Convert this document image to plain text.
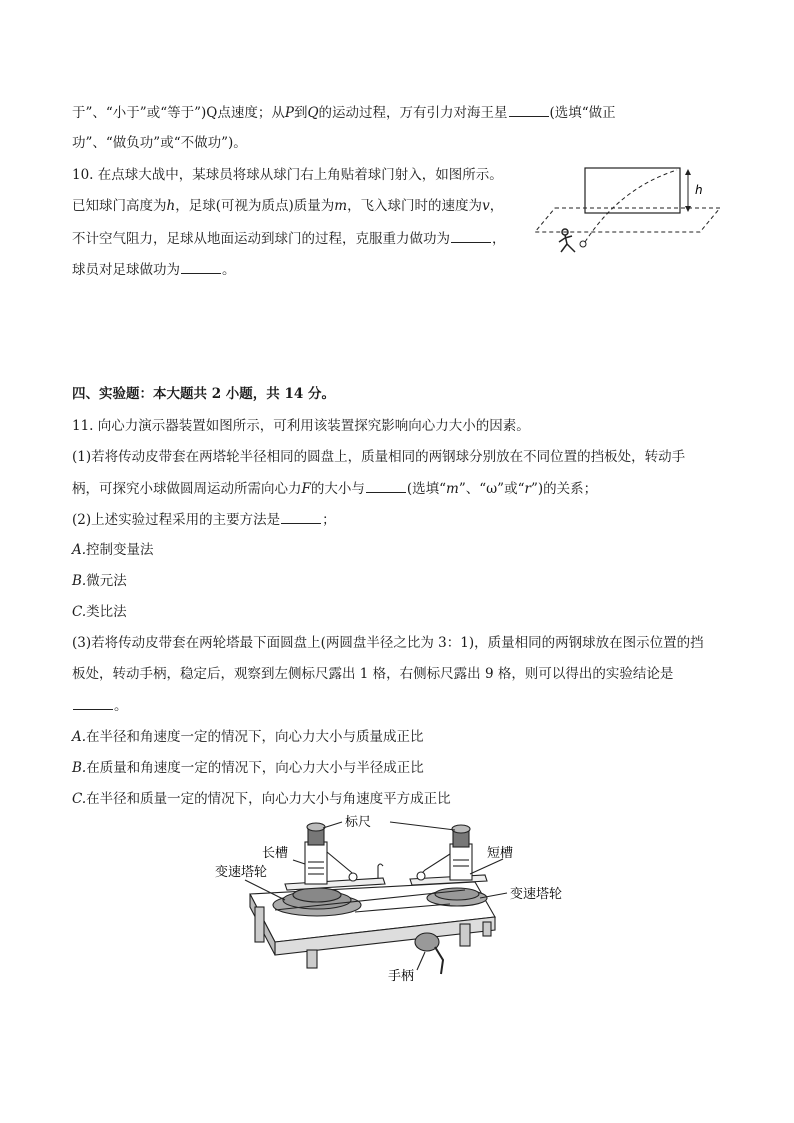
于”、“小于”或“等于”)Q点速度；从P到Q的运动过程，万有引力对海王星	(选填“做正
功”、“做负功”或“不做功”)。
10. 在点球大战中，某球员将球从球门右上角贴着球门射入，如图所示。
已知球门高度为h，足球(可视为质点)质量为m，飞入球门时的速度为v，
不计空气阻力，足球从地面运动到球门的过程，克服重力做功为	，
球员对足球做功为	。
h
四、实验题：本大题共 2 小题，共 14 分。
11. 向心力演示器装置如图所示，可利用该装置探究影响向心力大小的因素。
(1)若将传动皮带套在两塔轮半径相同的圆盘上，质量相同的两钢球分别放在不同位置的挡板处，转动手
柄，可探究小球做圆周运动所需向心力F的大小与	(选填“m”、“ω”或“r”)的关系；
(2)上述实验过程采用的主要方法是	；
A.控制变量法
B.微元法
C.类比法
(3)若将传动皮带套在两轮塔最下面圆盘上(两圆盘半径之比为 3：1)，质量相同的两钢球放在图示位置的挡
板处，转动手柄，稳定后，观察到左侧标尺露出 1 格，右侧标尺露出 9 格，则可以得出的实验结论是
。
A.在半径和角速度一定的情况下，向心力大小与质量成正比
B.在质量和角速度一定的情况下，向心力大小与半径成正比
C.在半径和质量一定的情况下，向心力大小与角速度平方成正比
标尺
长槽	短槽
变速塔轮
变速塔轮
手柄
